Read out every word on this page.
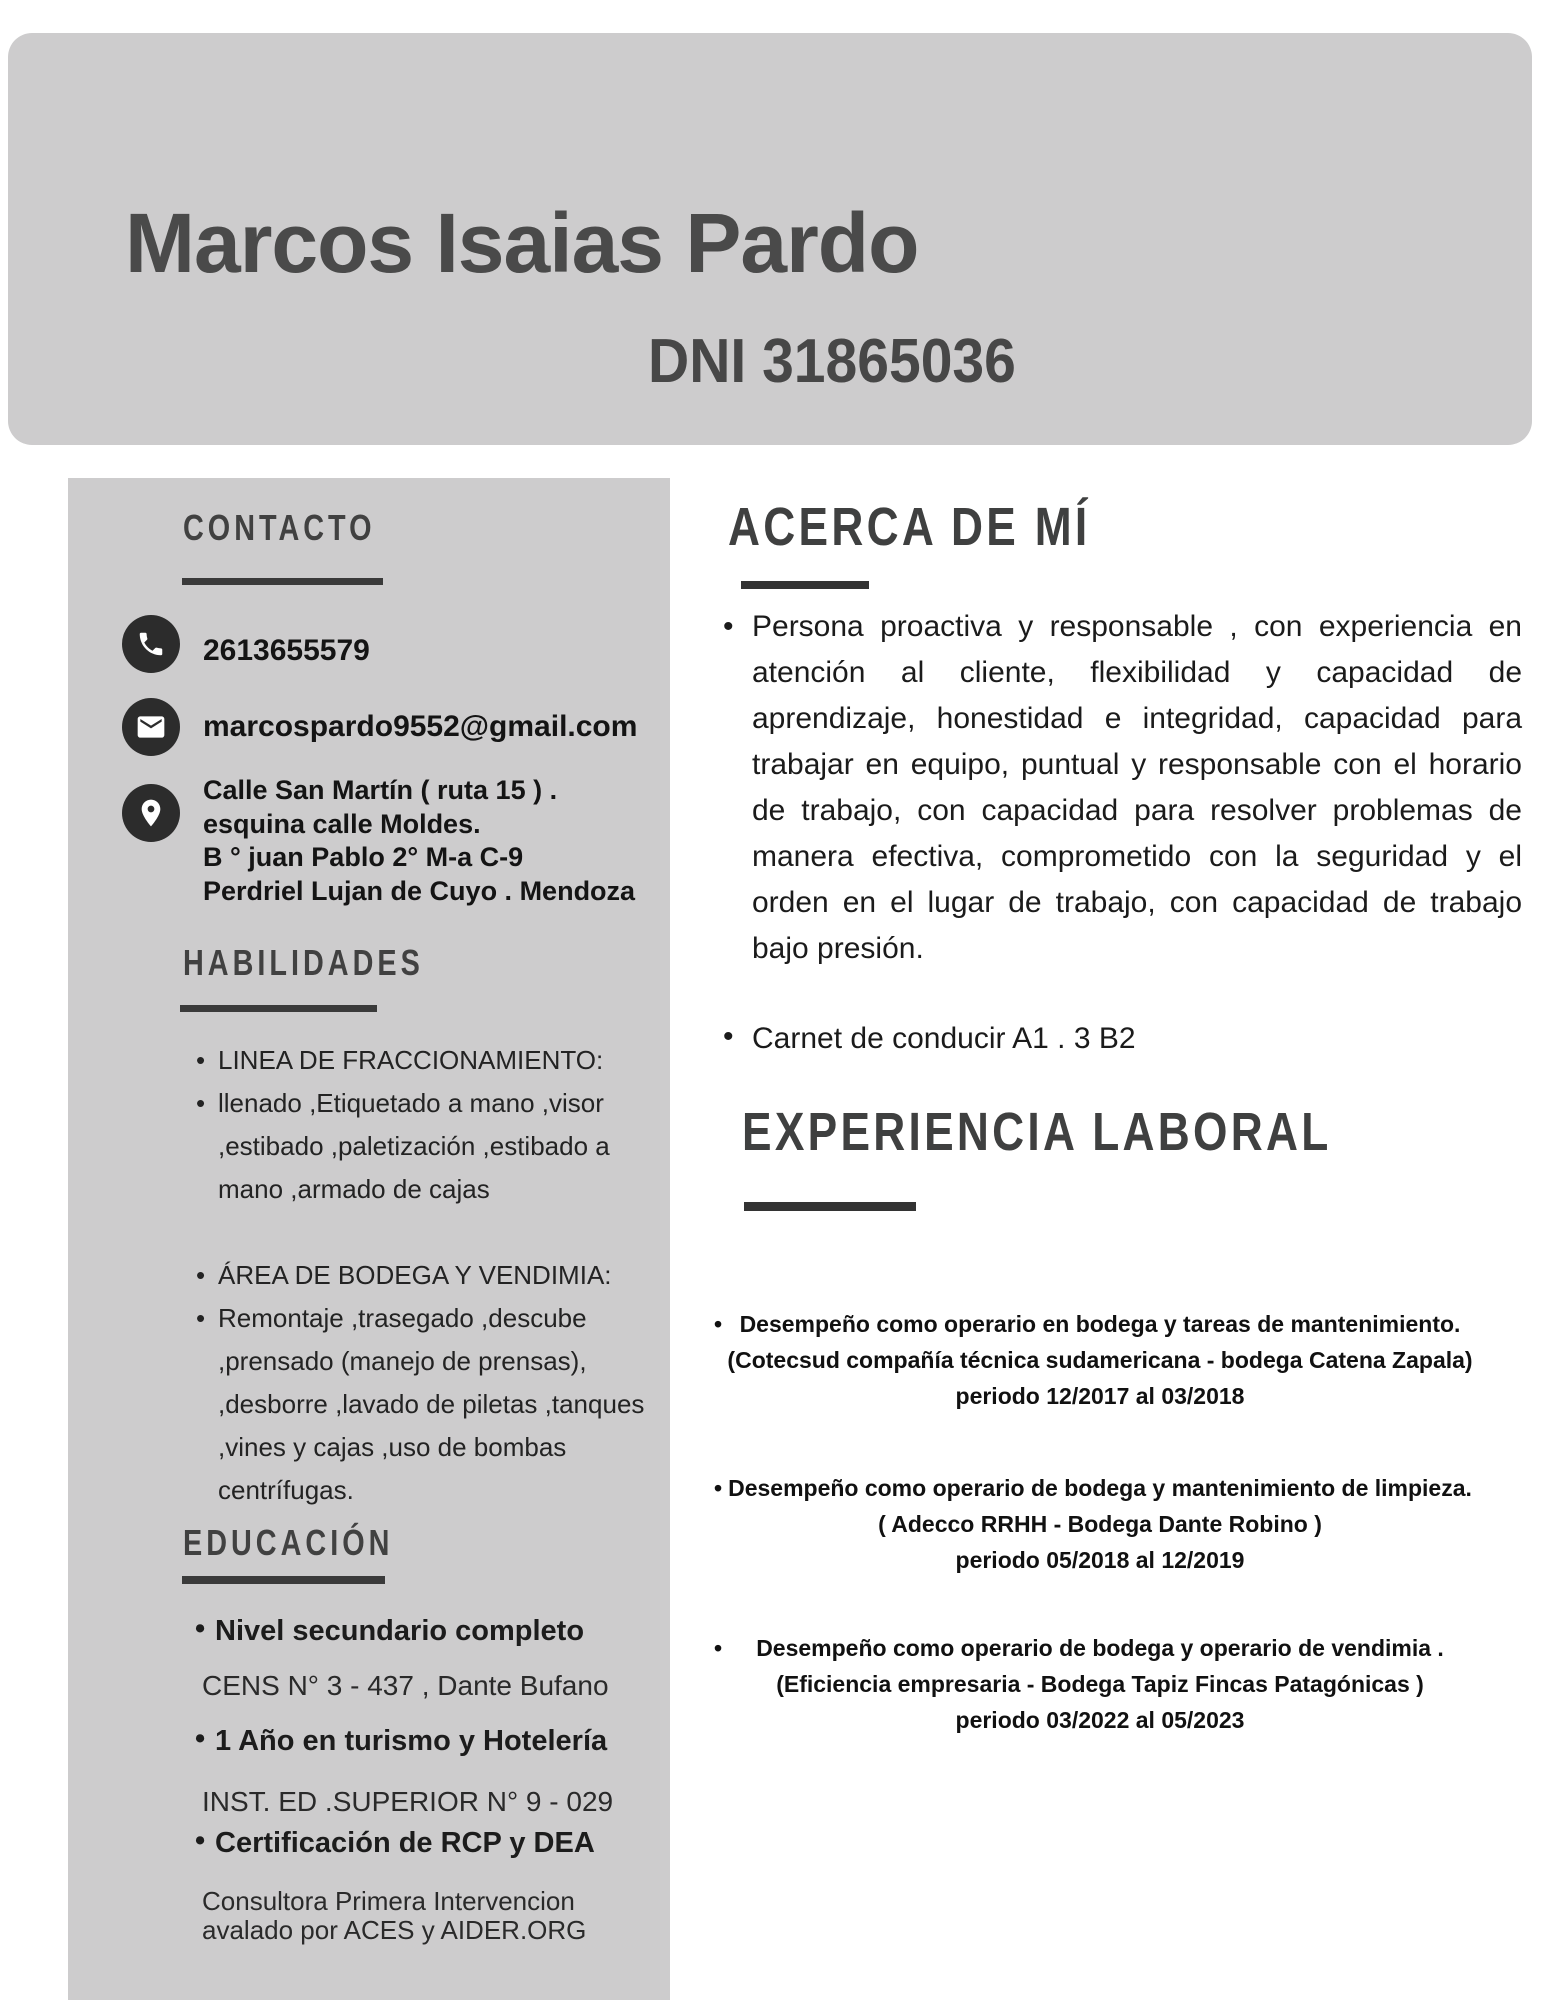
Marcos Isaias Pardo
DNI 31865036
CONTACTO
2613655579
marcospardo9552@gmail.com
Calle San Martín ( ruta 15 ) .
esquina calle Moldes.
B ° juan Pablo 2° M-a C-9
Perdriel Lujan de Cuyo . Mendoza
HABILIDADES
• LINEA DE FRACCIONAMIENTO:
• llenado ,Etiquetado a mano ,visor ,estibado ,paletización ,estibado a mano ,armado de cajas
• ÁREA DE BODEGA Y VENDIMIA:
• Remontaje ,trasegado ,descube ,prensado (manejo de prensas), ,desborre ,lavado de piletas ,tanques ,vines y cajas ,uso de bombas centrífugas.
EDUCACIÓN
• Nivel secundario completo
CENS N° 3 - 437 , Dante Bufano
• 1 Año en turismo y Hotelería
INST. ED .SUPERIOR N° 9 - 029
• Certificación de RCP y DEA
Consultora Primera Intervencion
avalado por ACES y AIDER.ORG
ACERCA DE MÍ
• Persona proactiva y responsable , con experiencia en atención al cliente, flexibilidad y capacidad de aprendizaje, honestidad e integridad, capacidad para trabajar en equipo, puntual y responsable con el horario de trabajo, con capacidad para resolver problemas de manera efectiva, comprometido con la seguridad y el orden en el lugar de trabajo, con capacidad de trabajo bajo presión.
• Carnet de conducir A1 . 3 B2
EXPERIENCIA LABORAL
• Desempeño como operario en bodega y tareas de mantenimiento.
(Cotecsud compañía técnica sudamericana - bodega Catena Zapala)
periodo 12/2017 al 03/2018
• Desempeño como operario de bodega y mantenimiento de limpieza.
( Adecco RRHH - Bodega Dante Robino )
periodo 05/2018 al 12/2019
•	Desempeño como operario de bodega y operario de vendimia .
(Eficiencia empresaria - Bodega Tapiz Fincas Patagónicas )
periodo 03/2022 al 05/2023
